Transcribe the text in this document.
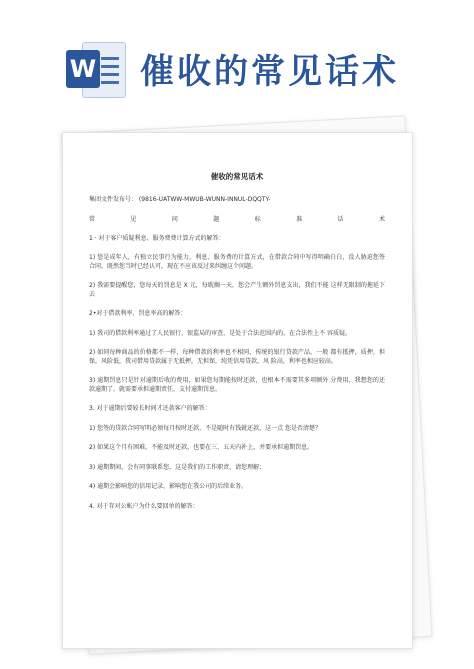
W 催收的常见话术
催收的常见话术
集团文件发布号： (9816-UATWW-MWUB-WUNN-INNUL-DQQTY-
常	见	问	题	标	准	话	术
1 · 对于客户质疑利息、服务费费计算方式的解答：
1) 您是成年人，有独立民事行为能力，利息、服务费的计算方式，在借款合同中写得明确白白，没人胁迫您签合同，既然您当时已经认可，现在不应该反过来纠缠这个问题。
2) 我需要提醒您，您每天的罚息是 X 元，每耽搁一天，您会产生额外罚息支出，我们不能 这样无限制的拖延下去
2•对于借款利率、罚息率高的解答：
1) 我司的借款利率通过了人民银行、银监局的审查，是处于合法范围内的，在合法性上不 容质疑。
2) 如同每种商品的价格都不一样，每种借款的利率也不相同，传统的银行贷款产品，一般 都有抵押，质押，担保，风险低，我司借用贷款属于无抵押，无担保，纯凭信用贷款，风 险高，利率也相应较高。
3) 逾期罚息只是针对逾期后收的费用，如果您每期能按时还款，也根本不需要其多项额外 分费用，我想您的还款逾期了，就需要承担逾期责任，支付逾期罚息。
3. 对于逾期后要较长时间才还款客户的解答：
1) 您签的贷款合同写明必须每月按时还款，不是随时有钱就还款，这一点 您是否清楚？
2) 如果这个月有困难，不能及时还款，也要在三、五天内补上，并要承担逾期罚息。
3) 逾期期间，会有同事联系您，这是我们的工作职责，请您理解；
4) 逾期会影响您的信用记录，影响您在我公司的后续业务。
4. 对于存对公帐户为什么要回单的解答：
